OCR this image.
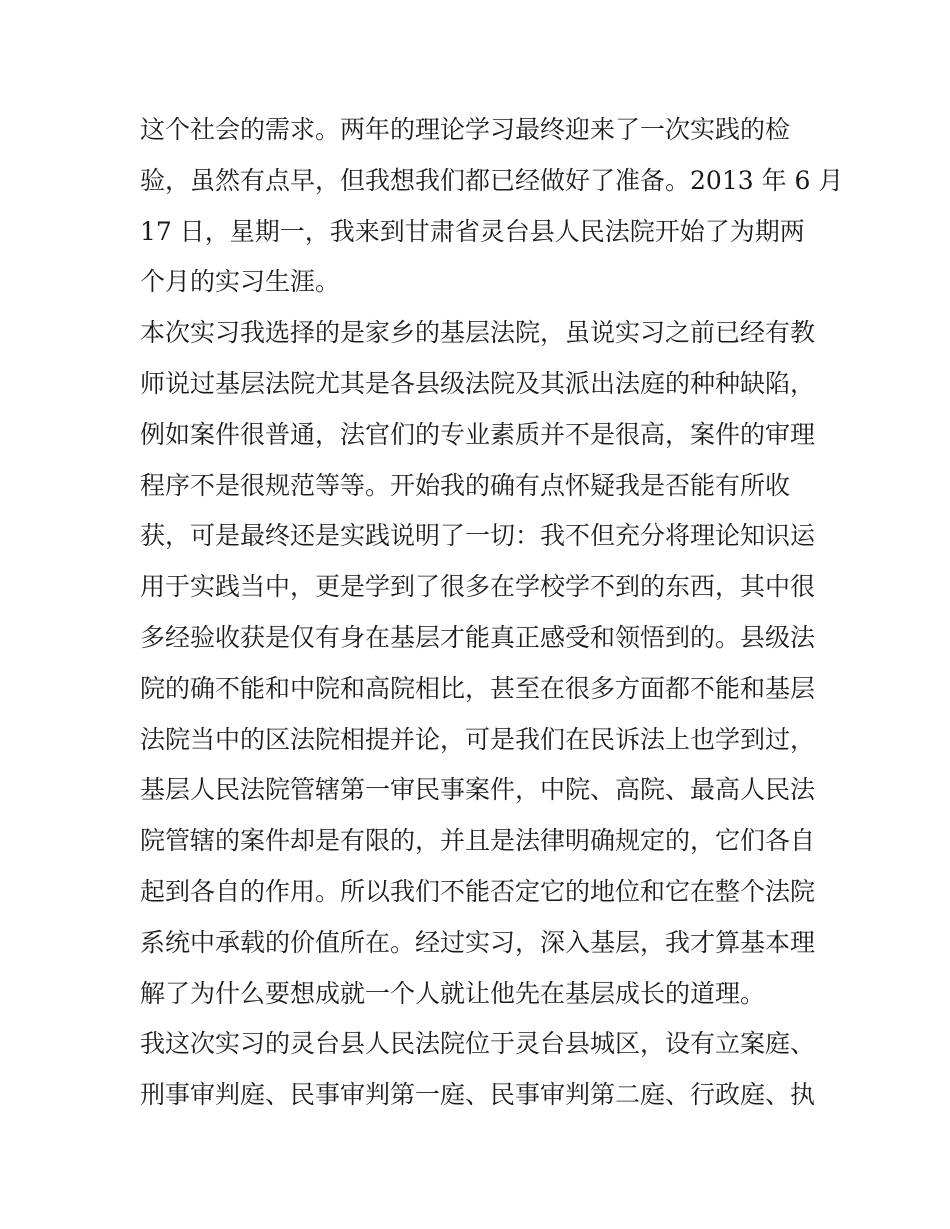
这个社会的需求。两年的理论学习最终迎来了一次实践的检
验，虽然有点早，但我想我们都已经做好了准备。2013 年 6 月
17 日，星期一，我来到甘肃省灵台县人民法院开始了为期两
个月的实习生涯。
本次实习我选择的是家乡的基层法院，虽说实习之前已经有教
师说过基层法院尤其是各县级法院及其派出法庭的种种缺陷，
例如案件很普通，法官们的专业素质并不是很高，案件的审理
程序不是很规范等等。开始我的确有点怀疑我是否能有所收
获，可是最终还是实践说明了一切：我不但充分将理论知识运
用于实践当中，更是学到了很多在学校学不到的东西，其中很
多经验收获是仅有身在基层才能真正感受和领悟到的。县级法
院的确不能和中院和高院相比，甚至在很多方面都不能和基层
法院当中的区法院相提并论，可是我们在民诉法上也学到过，
基层人民法院管辖第一审民事案件，中院、高院、最高人民法
院管辖的案件却是有限的，并且是法律明确规定的，它们各自
起到各自的作用。所以我们不能否定它的地位和它在整个法院
系统中承载的价值所在。经过实习，深入基层，我才算基本理
解了为什么要想成就一个人就让他先在基层成长的道理。
我这次实习的灵台县人民法院位于灵台县城区，设有立案庭、
刑事审判庭、民事审判第一庭、民事审判第二庭、行政庭、执
